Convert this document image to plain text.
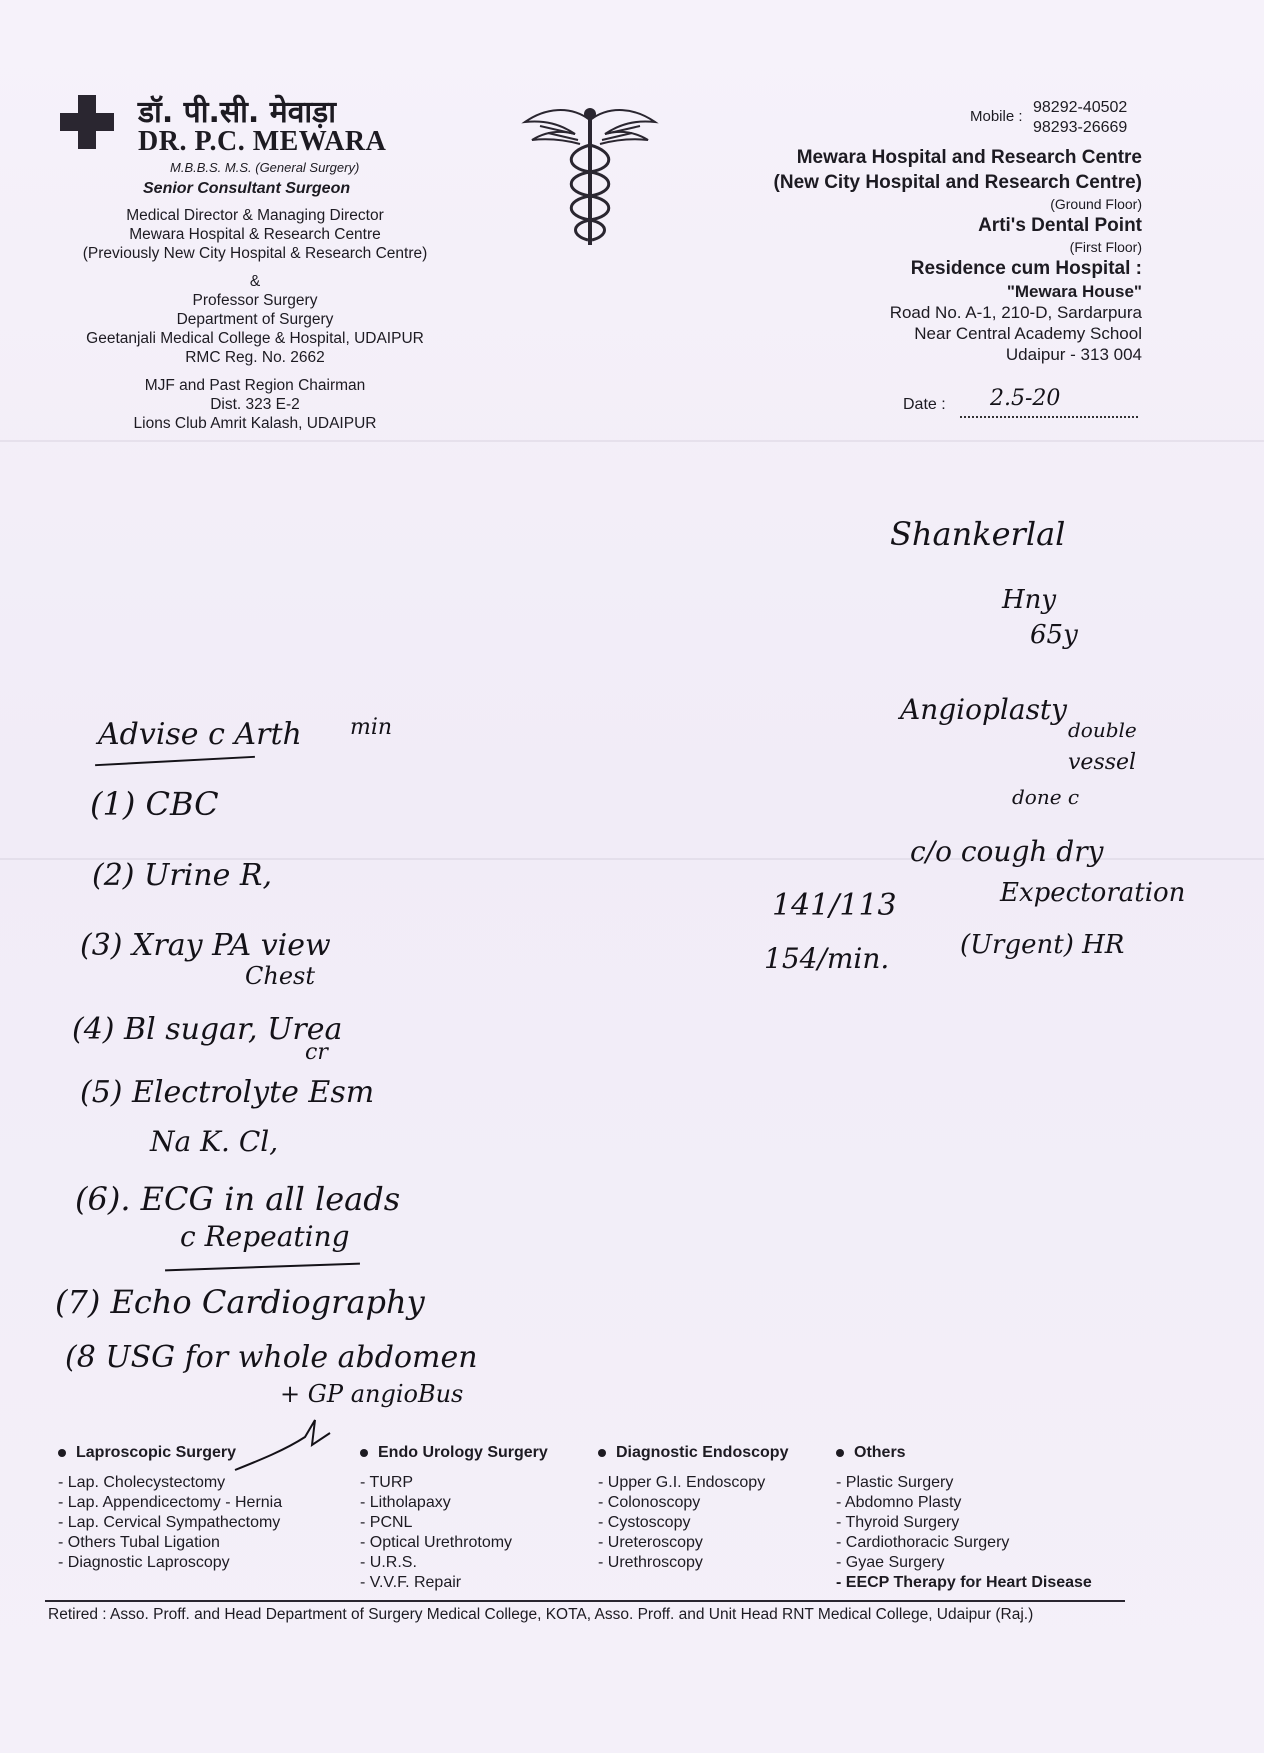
डॉ. पी.सी. मेवाड़ा
DR. P.C. MEWARA
M.B.B.S. M.S. (General Surgery)
Senior Consultant Surgeon
Medical Director & Managing Director
Mewara Hospital & Research Centre
(Previously New City Hospital & Research Centre)
&
Professor Surgery
Department of Surgery
Geetanjali Medical College & Hospital, UDAIPUR
RMC Reg. No. 2662
MJF and Past Region Chairman
Dist. 323 E-2
Lions Club Amrit Kalash, UDAIPUR
Mobile :
98292-40502
98293-26669
Mewara Hospital and Research Centre
(New City Hospital and Research Centre)
(Ground Floor)
Arti's Dental Point
(First Floor)
Residence cum Hospital :
"Mewara House"
Road No. A-1, 210-D, Sardarpura
Near Central Academy School
Udaipur - 313 004
Date : 2.5-20
Shankerlal
Hny
65y
Angioplasty
double
vessel
done c
c/o cough dry
Expectoration
141/113
154/min.	(Urgent) HR
Advise c Arth min
(1) CBC
(2) Urine R,
(3) Xray PA view
Chest
(4) Bl sugar, Urea
cr
(5) Electrolyte Esm
Na K. Cl,
(6). ECG in all leads
c Repeating
(7) Echo Cardiography
(8 USG for whole abdomen
+ GP angioBus
Laproscopic Surgery
- Lap. Cholecystectomy
- Lap. Appendicectomy - Hernia
- Lap. Cervical Sympathectomy
- Others Tubal Ligation
- Diagnostic Laproscopy
Endo Urology Surgery
- TURP
- Litholapaxy
- PCNL
- Optical Urethrotomy
- U.R.S.
- V.V.F. Repair
Diagnostic Endoscopy
- Upper G.I. Endoscopy
- Colonoscopy
- Cystoscopy
- Ureteroscopy
- Urethroscopy
Others
- Plastic Surgery
- Abdomno Plasty
- Thyroid Surgery
- Cardiothoracic Surgery
- Gyae Surgery
- EECP Therapy for Heart Disease
Retired : Asso. Proff. and Head Department of Surgery Medical College, KOTA, Asso. Proff. and Unit Head RNT Medical College, Udaipur (Raj.)
